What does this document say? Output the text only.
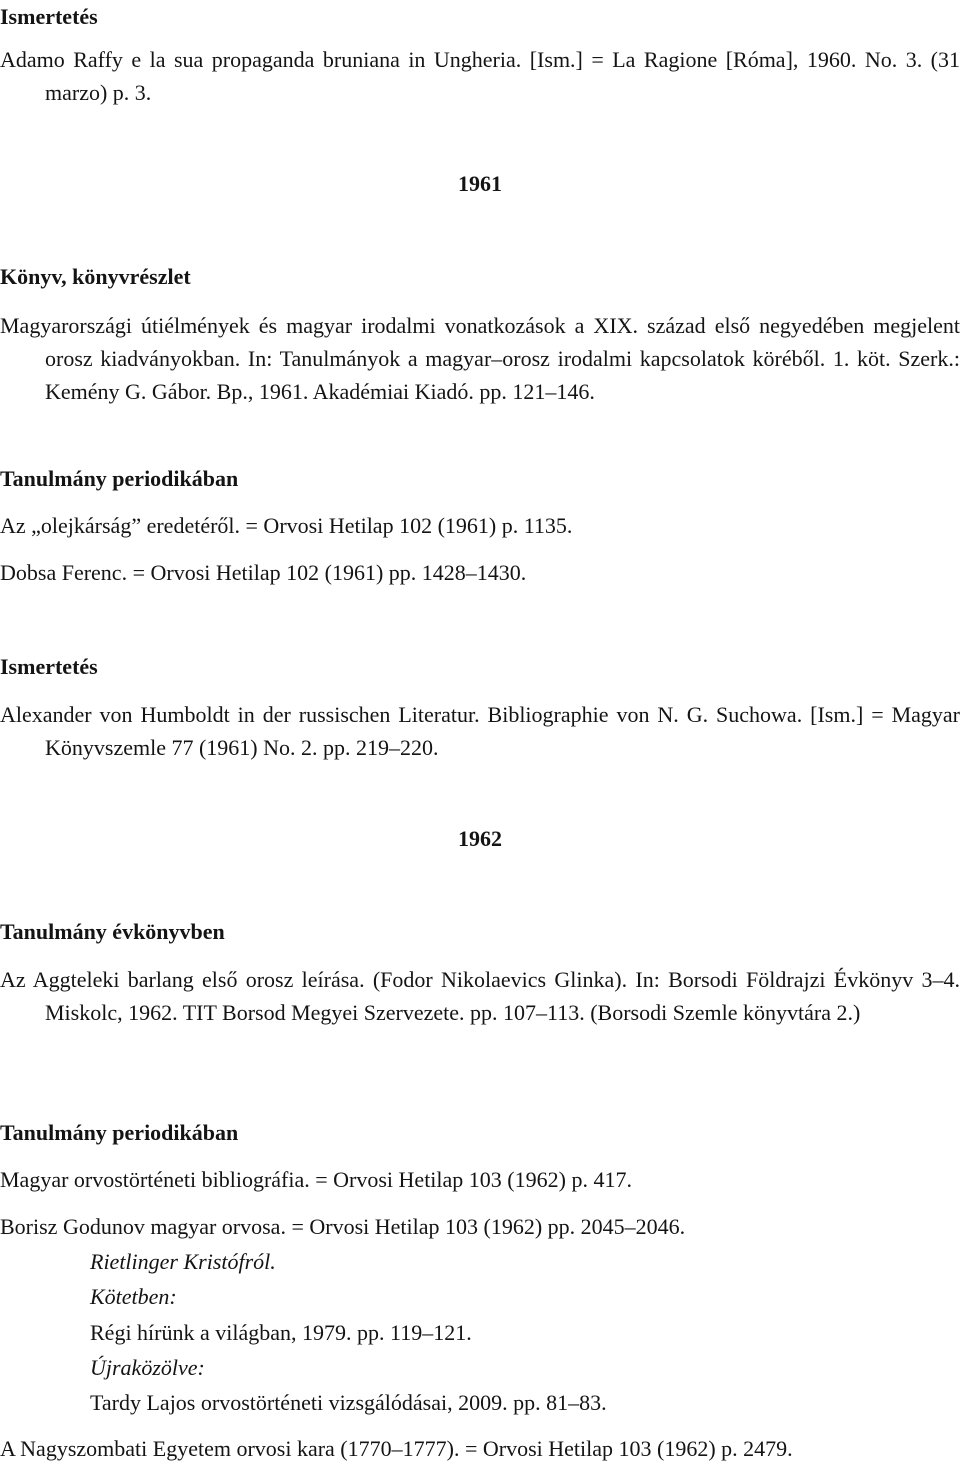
Ismertetés
Adamo Raffy e la sua propaganda bruniana in Ungheria. [Ism.] = La Ragione [Róma], 1960. No. 3. (31 marzo) p. 3.
1961
Könyv, könyvrészlet
Magyarországi útiélmények és magyar irodalmi vonatkozások a XIX. század első negyedében megjelent orosz kiadványokban. In: Tanulmányok a magyar–orosz irodalmi kapcsolatok köréből. 1. köt. Szerk.: Kemény G. Gábor. Bp., 1961. Akadémiai Kiadó. pp. 121–146.
Tanulmány periodikában
Az „olejkárság” eredetéről. = Orvosi Hetilap 102 (1961) p. 1135.
Dobsa Ferenc. = Orvosi Hetilap 102 (1961) pp. 1428–1430.
Ismertetés
Alexander von Humboldt in der russischen Literatur. Bibliographie von N. G. Suchowa. [Ism.] = Magyar Könyvszemle 77 (1961) No. 2. pp. 219–220.
1962
Tanulmány évkönyvben
Az Aggteleki barlang első orosz leírása. (Fodor Nikolaevics Glinka). In: Borsodi Földrajzi Évkönyv 3–4. Miskolc, 1962. TIT Borsod Megyei Szervezete. pp. 107–113. (Borsodi Szemle könyvtára 2.)
Tanulmány periodikában
Magyar orvostörténeti bibliográfia. = Orvosi Hetilap 103 (1962) p. 417.
Borisz Godunov magyar orvosa. = Orvosi Hetilap 103 (1962) pp. 2045–2046.
Rietlinger Kristófról.
Kötetben:
Régi hírünk a világban, 1979. pp. 119–121.
Újraközölve:
Tardy Lajos orvostörténeti vizsgálódásai, 2009. pp. 81–83.
A Nagyszombati Egyetem orvosi kara (1770–1777). = Orvosi Hetilap 103 (1962) p. 2479.
